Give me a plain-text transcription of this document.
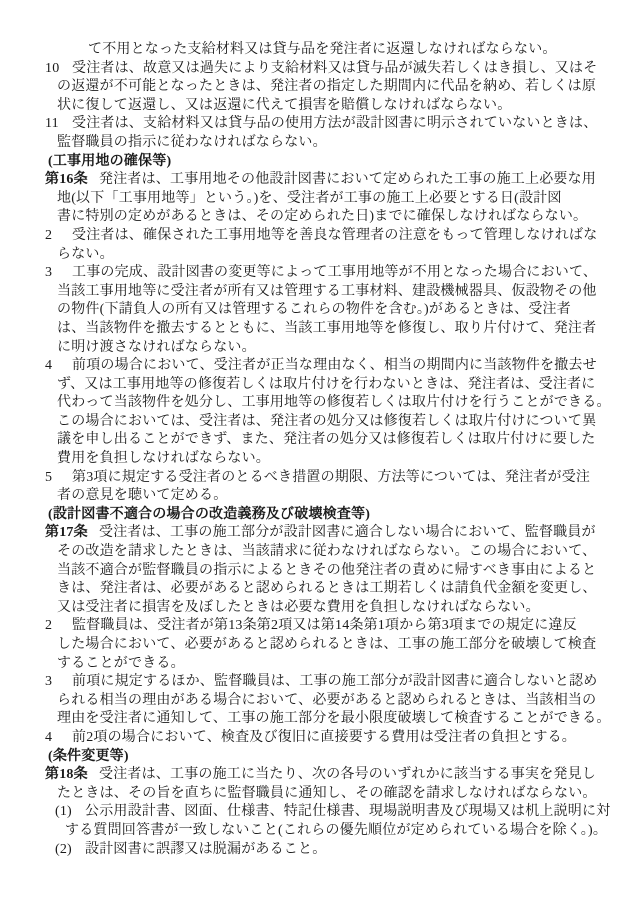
て不用となった支給材料又は貸与品を発注者に返還しなければならない。
10 受注者は、故意又は過失により支給材料又は貸与品が滅失若しくはき損し、又はそ
の返還が不可能となったときは、発注者の指定した期間内に代品を納め、若しくは原
状に復して返還し、又は返還に代えて損害を賠償しなければならない。
11 受注者は、支給材料又は貸与品の使用方法が設計図書に明示されていないときは、
監督職員の指示に従わなければならない。
(工事用地の確保等)
第16条 発注者は、工事用地その他設計図書において定められた工事の施工上必要な用
地(以下「工事用地等」という。)を、受注者が工事の施工上必要とする日(設計図
書に特別の定めがあるときは、その定められた日)までに確保しなければならない。
2 受注者は、確保された工事用地等を善良な管理者の注意をもって管理しなければな
らない。
3 工事の完成、設計図書の変更等によって工事用地等が不用となった場合において、
当該工事用地等に受注者が所有又は管理する工事材料、建設機械器具、仮設物その他
の物件(下請負人の所有又は管理するこれらの物件を含む。)があるときは、受注者
は、当該物件を撤去するとともに、当該工事用地等を修復し、取り片付けて、発注者
に明け渡さなければならない。
4 前項の場合において、受注者が正当な理由なく、相当の期間内に当該物件を撤去せ
ず、又は工事用地等の修復若しくは取片付けを行わないときは、発注者は、受注者に
代わって当該物件を処分し、工事用地等の修復若しくは取片付けを行うことができる。
この場合においては、受注者は、発注者の処分又は修復若しくは取片付けについて異
議を申し出ることができず、また、発注者の処分又は修復若しくは取片付けに要した
費用を負担しなければならない。
5 第3項に規定する受注者のとるべき措置の期限、方法等については、発注者が受注
者の意見を聴いて定める。
(設計図書不適合の場合の改造義務及び破壊検査等)
第17条 受注者は、工事の施工部分が設計図書に適合しない場合において、監督職員が
その改造を請求したときは、当該請求に従わなければならない。この場合において、
当該不適合が監督職員の指示によるときその他発注者の責めに帰すべき事由によると
きは、発注者は、必要があると認められるときは工期若しくは請負代金額を変更し、
又は受注者に損害を及ぼしたときは必要な費用を負担しなければならない。
2 監督職員は、受注者が第13条第2項又は第14条第1項から第3項までの規定に違反
した場合において、必要があると認められるときは、工事の施工部分を破壊して検査
することができる。
3 前項に規定するほか、監督職員は、工事の施工部分が設計図書に適合しないと認め
られる相当の理由がある場合において、必要があると認められるときは、当該相当の
理由を受注者に通知して、工事の施工部分を最小限度破壊して検査することができる。
4 前2項の場合において、検査及び復旧に直接要する費用は受注者の負担とする。
(条件変更等)
第18条 受注者は、工事の施工に当たり、次の各号のいずれかに該当する事実を発見し
たときは、その旨を直ちに監督職員に通知し、その確認を請求しなければならない。
(1) 公示用設計書、図面、仕様書、特記仕様書、現場説明書及び現場又は机上説明に対
する質問回答書が一致しないこと(これらの優先順位が定められている場合を除く。)。
(2) 設計図書に誤謬又は脱漏があること。
